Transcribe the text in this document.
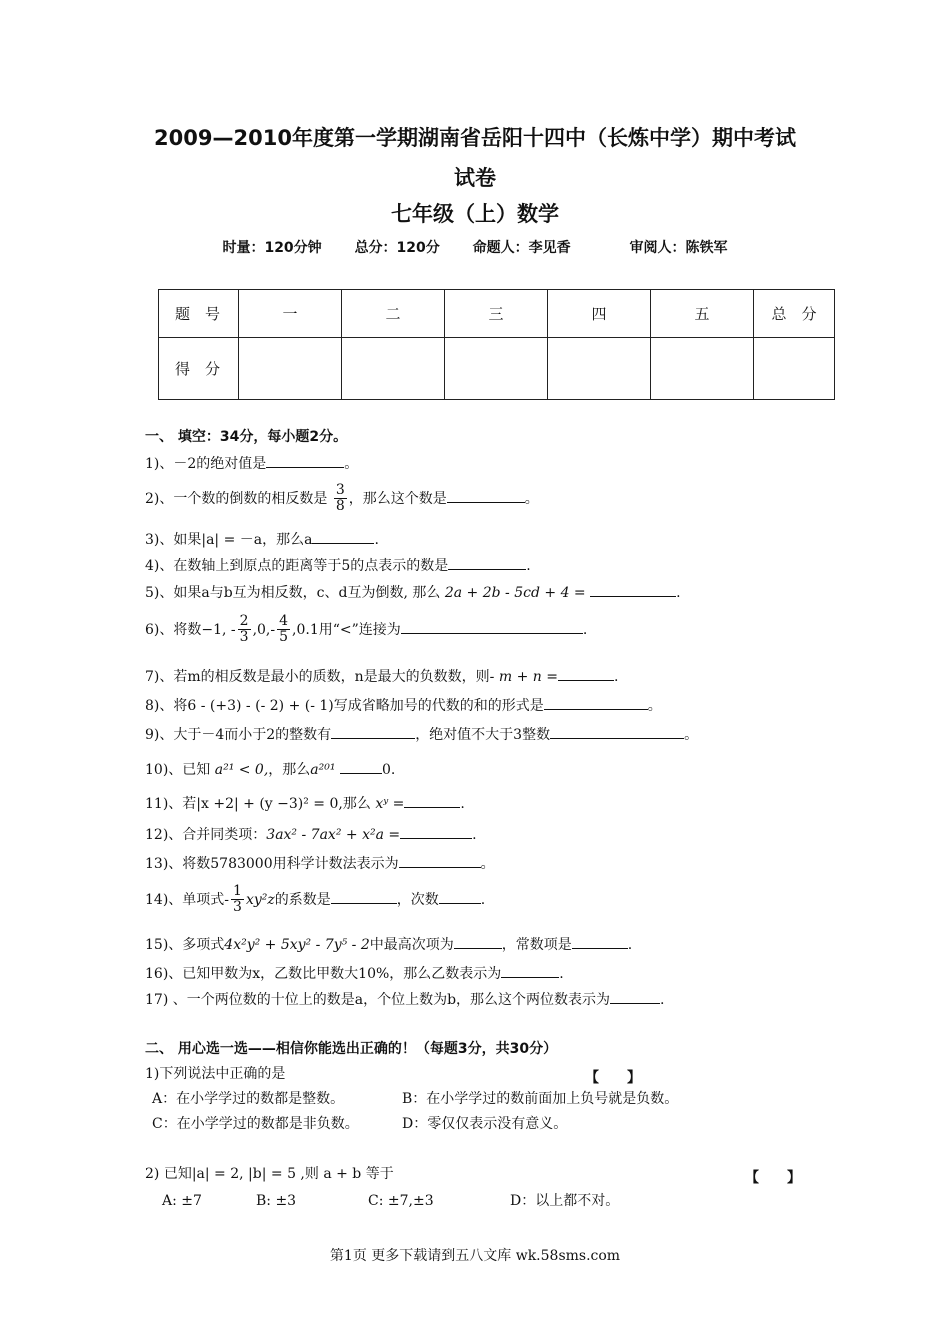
2009—2010年度第一学期湖南省岳阳十四中（长炼中学）期中考试
试卷
七年级（上）数学
时量：120分钟 总分：120分 命题人：李见香	审阅人：陈铁军
题　号	一	二	三	四	五	总　分
得　分						
一、 填空：34分，每小题2分。
1)、－2的绝对值是	。
2)、一个数的倒数的相反数是 $\frac{3}{8}$ ，那么这个数是	。
3)、如果|a| = －a，那么a	.
4)、在数轴上到原点的距离等于5的点表示的数是	.
5)、如果a与b互为相反数，c、d互为倒数, 那么 2a + 2b - 5cd + 4 =	.
6)、将数−1, - $\frac{2}{3} ,0,- \frac{4}{5} ,0.1$用“<”连接为	.
7)、若m的相反数是最小的质数，n是最大的负数数，则- m + n =	.
8)、将6 - (+3) - (- 2) + (- 1)写成省略加号的代数的和的形式是	。
9)、大于－4而小于2的整数有	，绝对值不大于3整数	。
10)、已知 a²¹ < 0,，那么a²⁰¹	0.
11)、若|x +2| + (y −3)² = 0,那么 xʸ =	.
12)、合并同类项：3ax² - 7ax² + x²a =	.
13)、将数5783000用科学计数法表示为	。
14)、单项式- $\frac{1}{3} xy^2z$的系数是	，次数	.
15)、多项式4x²y² + 5xy² - 7y⁵ - 2中最高次项为	，常数项是	.
16)、已知甲数为x，乙数比甲数大10%，那么乙数表示为	.
17) 、一个两位数的十位上的数是a，个位上数为b，那么这个两位数表示为	.
二、 用心选一选——相信你能选出正确的！（每题3分，共30分）
1)下列说法中正确的是	【　　】
A：在小学学过的数都是整数。	B：在小学学过的数前面加上负号就是负数。
C：在小学学过的数都是非负数。	D：零仅仅表示没有意义。
2) 已知|a| = 2, |b| = 5 ,则 a + b 等于	【　　】
A: ±7	B: ±3	C: ±7,±3	D：以上都不对。
第1页 更多下载请到五八文库 wk.58sms.com
